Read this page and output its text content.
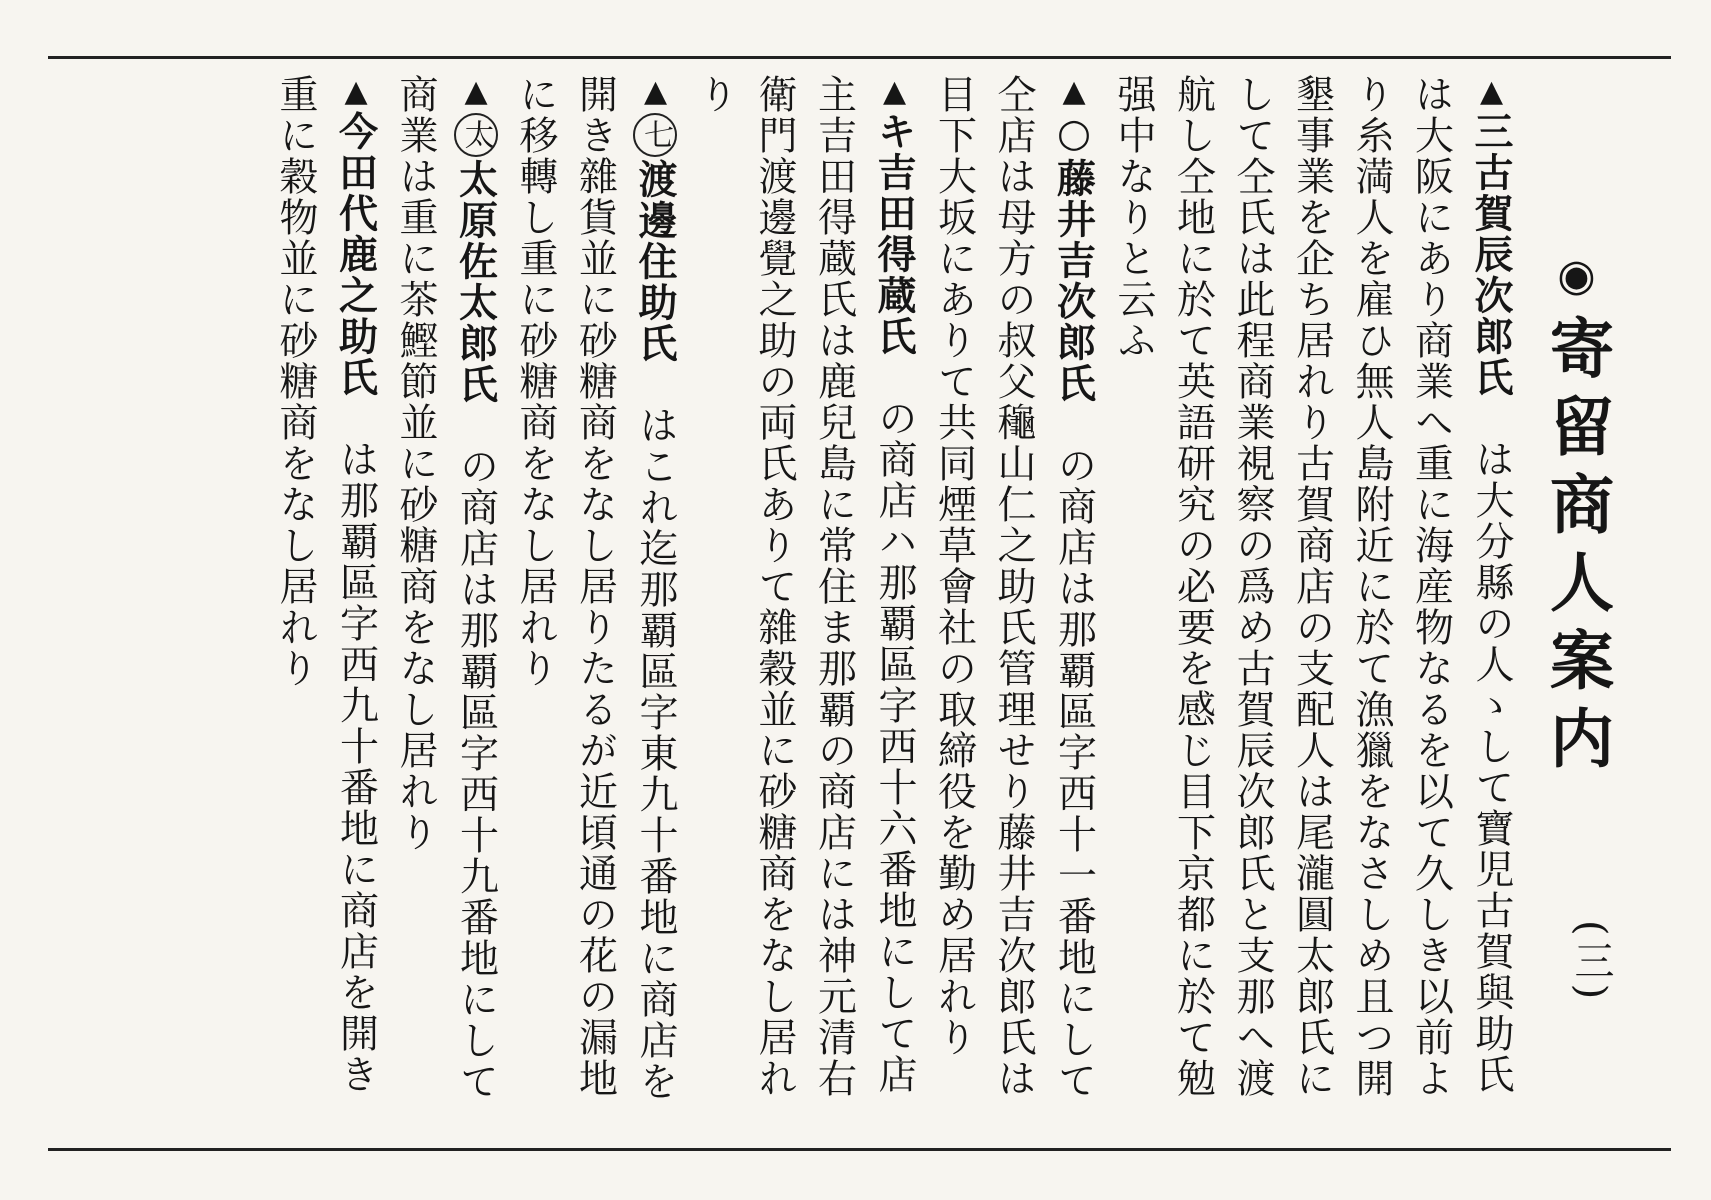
◉寄留商人案内
(三)

▲三古賀辰次郎氏　は大分縣の人ゝして寶児古賀與助氏は大阪にあり商業へ重に海産物なるを以て久しき以前より糸満人を雇ひ無人島附近に於て漁獵をなさしめ且つ開墾事業を企ち居れり古賀商店の支配人は尾瀧圓太郎氏にして仝氏は此程商業視察の爲め古賀辰次郎氏と支那へ渡航し仝地に於て英語研究の必要を感じ目下京都に於て勉强中なりと云ふ

▲○藤井吉次郎氏　の商店は那覇區字西十一番地にして仝店は母方の叔父龝山仁之助氏管理せり藤井吉次郎氏は目下大坂にありて共同煙草會社の取締役を勤め居れり

▲キ吉田得蔵氏　の商店ハ那覇區字西十六番地にして店主吉田得蔵氏は鹿兒島に常住ま那覇の商店には神元清右衛門渡邊覺之助の両氏ありて雜穀並に砂糖商をなし居れり

▲七渡邊住助氏　はこれ迄那覇區字東九十番地に商店を開き雜貨並に砂糖商をなし居りたるが近頃通の花の漏地に移轉し重に砂糖商をなし居れり

▲太太原佐太郎氏　の商店は那覇區字西十九番地にして商業は重に茶鰹節並に砂糖商をなし居れり

▲今田代鹿之助氏　は那覇區字西九十番地に商店を開き重に穀物並に砂糖商をなし居れり
